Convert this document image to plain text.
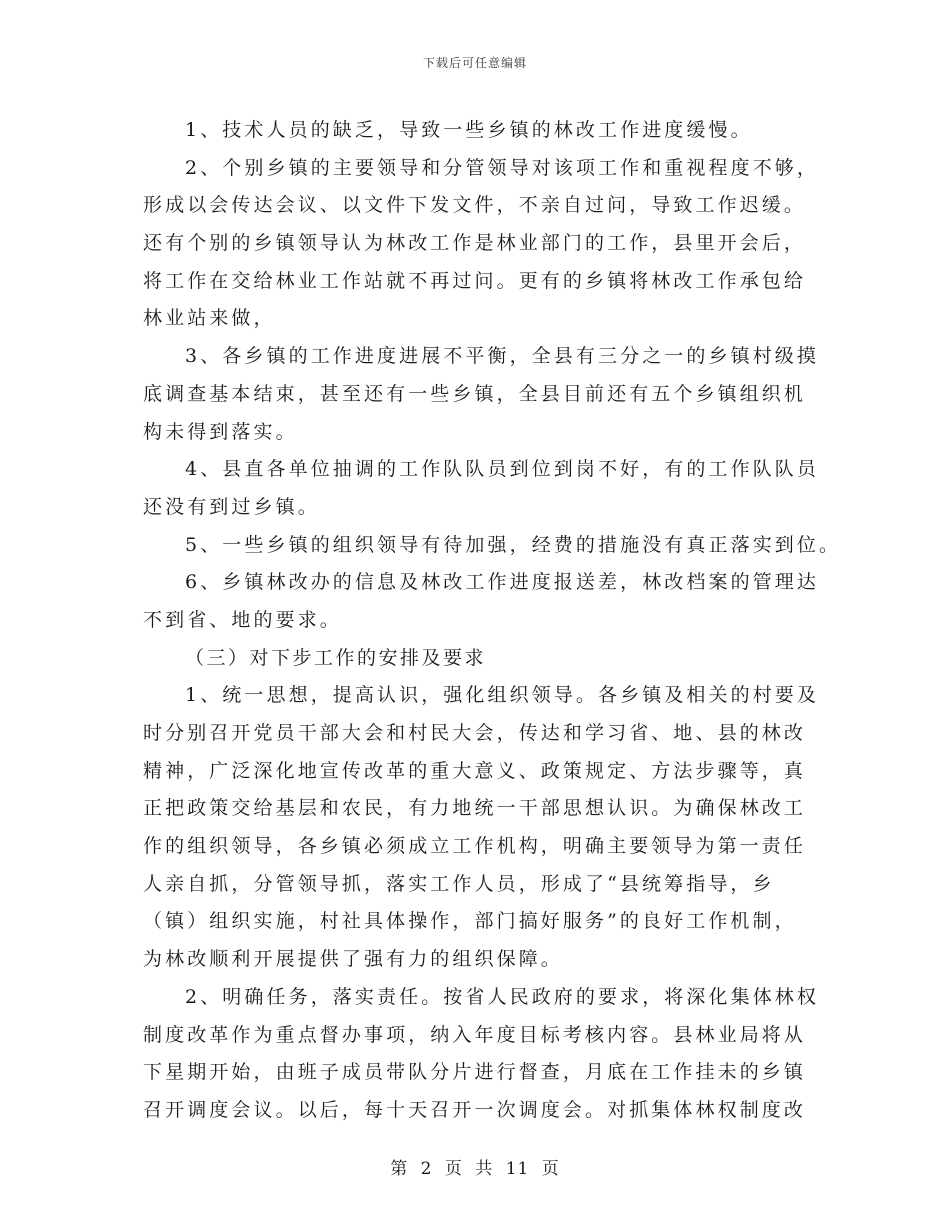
下载后可任意编辑
1、技术人员的缺乏，导致一些乡镇的林改工作进度缓慢。
2、个别乡镇的主要领导和分管领导对该项工作和重视程度不够，
形成以会传达会议、以文件下发文件，不亲自过问，导致工作迟缓。
还有个别的乡镇领导认为林改工作是林业部门的工作，县里开会后，
将工作在交给林业工作站就不再过问。更有的乡镇将林改工作承包给
林业站来做，
3、各乡镇的工作进度进展不平衡，全县有三分之一的乡镇村级摸
底调查基本结束，甚至还有一些乡镇，全县目前还有五个乡镇组织机
构未得到落实。
4、县直各单位抽调的工作队队员到位到岗不好，有的工作队队员
还没有到过乡镇。
5、一些乡镇的组织领导有待加强，经费的措施没有真正落实到位。
6、乡镇林改办的信息及林改工作进度报送差，林改档案的管理达
不到省、地的要求。
（三）对下步工作的安排及要求
1、统一思想，提高认识，强化组织领导。各乡镇及相关的村要及
时分别召开党员干部大会和村民大会，传达和学习省、地、县的林改
精神，广泛深化地宣传改革的重大意义、政策规定、方法步骤等，真
正把政策交给基层和农民，有力地统一干部思想认识。为确保林改工
作的组织领导，各乡镇必须成立工作机构，明确主要领导为第一责任
人亲自抓，分管领导抓，落实工作人员，形成了“县统筹指导，乡
（镇）组织实施，村社具体操作，部门搞好服务”的良好工作机制，
为林改顺利开展提供了强有力的组织保障。
2、明确任务，落实责任。按省人民政府的要求，将深化集体林权
制度改革作为重点督办事项，纳入年度目标考核内容。县林业局将从
下星期开始，由班子成员带队分片进行督查，月底在工作挂未的乡镇
召开调度会议。以后，每十天召开一次调度会。对抓集体林权制度改
第 2 页 共 11 页
